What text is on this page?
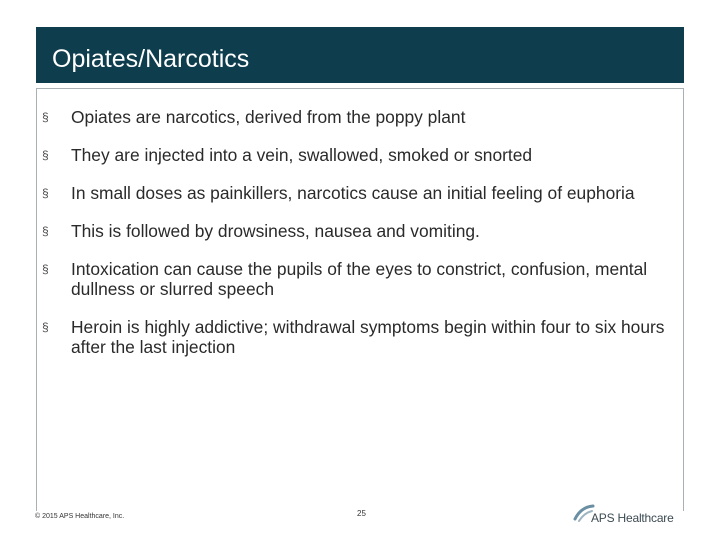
Opiates/Narcotics
§	Opiates are narcotics, derived from the poppy plant
§	They are injected into a vein, swallowed, smoked or snorted
§	In small doses as painkillers, narcotics cause an initial feeling of euphoria
§	This is followed by drowsiness, nausea and vomiting.
§	Intoxication can cause the pupils of the eyes to constrict, confusion, mental dullness or slurred speech
§	Heroin is highly addictive; withdrawal symptoms begin within four to six hours after the last injection
© 2015 APS Healthcare, Inc.	25	APS Healthcare
